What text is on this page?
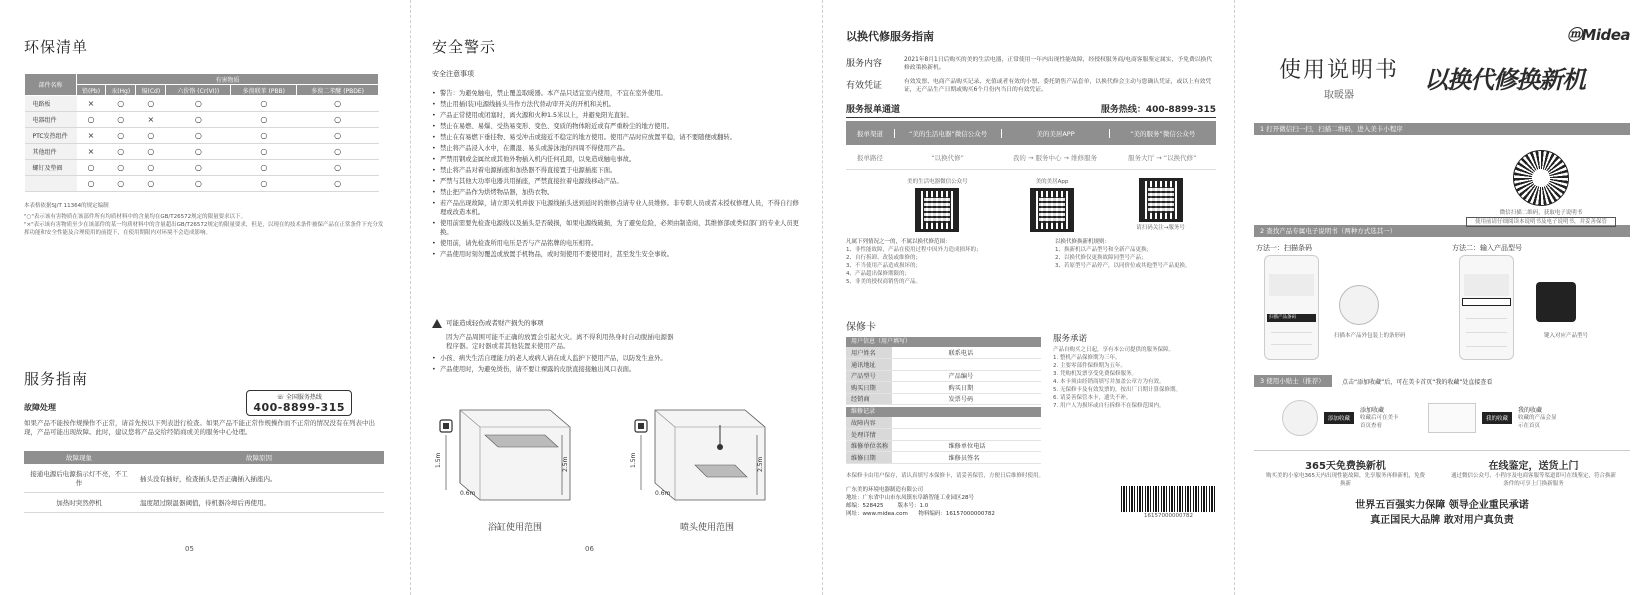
环保清单
部件名称	有害物质					
	铅(Pb)	汞(Hg)	镉(Cd)	六价铬 (Cr(VI))	多溴联苯 (PBB)	多溴二苯醚 (PBDE)
电路板	×	○	○	○	○	○
电器组件	○	○	×	○	○	○
PTC发热组件	×	○	○	○	○	○
其他组件	×	○	○	○	○	○
螺钉及垫圈	○	○	○	○	○	○
	○	○	○	○	○	○
本表格依据SJ/T 11364的规定编制
"○"表示该有害物质在该部件所有均质材料中的含量均在GB/T26572规定的限量要求以下。
"×"表示该有害物质至少在该部件的某一均质材料中的含量超出GB/T26572规定的限量要求，但是，以现在的技术条件被保产品在正常条件下充分发挥功能和安全性能及合理使用的前提下，在使用期限内对环境不会造成影响。
服务指南
☏ 全国服务热线
400-8899-315
故障处理
如果产品不能按作规操作不正常，请首先按以下列表进行检查。如果产品不能正常作规操作而不正常的情况没有在列表中出现，产品可能出现故障。此时，建议您将产品交给经销商或美的服务中心处理。
故障现象	故障原因
接通电源后电源指示灯不亮，不工作	插头没有插好，检查插头是否正确插入插座内。
加热时突然停机	温度超过限温器阈值，待机器冷却后再使用。
05
安全警示
安全注意事项
• 警告：为避免触电，禁止覆盖取暖器。本产品只适宜室内使用，不宜在室外使用。
• 禁止用插(装)电源线插头当作方法代替动审开关的开机和关机。
• 产品正常使用或闭塞时，离火源和火种1.5米以上，并避免阳光直射。
• 禁止在易燃、易爆、受热易变形、变色、变质的物体附近或有严重粉尘的地方使用。
• 禁止在有易燃下垂挂物、易受冲击或接近不稳定的地方使用。使用产品时应放置平稳，请不要随便或翻转。
• 禁止将产品浸入水中，在潮湿、易头或游泳池的四周不得使用产品。
• 严禁用钢或金属丝或其他外物插入机内任何孔隙，以免造成触电事故。
• 禁止将产品对着电源插座和加热器不得直接置于电源插座下面。
• 严禁与其他大功率电器共用插座，严禁直接拉着电源线移动产品。
• 禁止把产品作为烘烤物品器，加热衣物。
• 若产品出现故障，请立即关机并拔下电源线插头送到延时的维修点请专业人员维修。非专职人员或者未授权修理人员，不得自行修理或改造本机。
• 使用前需要先检查电源线以及插头是否破损，如果电源线破损，为了避免危险，必须由制造商，其维修部或类似部门的专业人员更换。
• 使用前，请先检查所用电压是否与产品铭牌的电压相符。
• 产品使用时刻勿覆盖或放置手机物品，或时刻使用不要使用时，甚至发生安全事故。
可能造成轻伤或者财产损失的事项
因为产品周围可能不正确的放置会引起火灾。离不得利用热身时自动脱插电源器程序器。定时器或者其他装置来使用产品。
• 小孩、病失生活自理能力的老人或病人请在成人监护下使用产品，以防发生意外。
• 产品使用时，为避免烫伤，请不要让裸露的皮肤直接接触出风口表面。
1.5m	2.5m
0.6m
浴缸使用范围
1.5m	2.5m
0.6m
喷头使用范围
06
以换代修服务指南
服务内容	2021年8月1日后购买的美的生活电器，正常使用一年内出现性能故障，经授权服务商/电商客服鉴定属实，予免费以换代修政策换新机。
有效凭证	有效发票、电商产品购买记录、充值或者有效的小票、委托销售产品套单，以换代修会主动与您确认凭证，或以上有效凭证，无产品生产日期或购买6个月份内当日的有效凭证。
服务报单通道	服务热线：400-8899-315
报单渠道	“美的生活电器”微信公众号	美的美居APP	“美的服务”微信公众号
报单路径	“以换代修”	我的 → 服务中心 → 维修服务	服务大厅 → “以换代修”
美的生活电器微信公众号	美的美居App
请扫码关注→服务号
凡属下列情况之一的，不属以换代修范围：
1、非性能故障，产品在使用过程中因外力造成损坏的；
2、自行拆卸、改装或维修的；
3、不当使用产品造成损坏的；
4、产品超出保修期限的；
5、非美的授权商销售的产品。
以换代修换新机规则：
1、换新机以产品型号和全新产品更换；
2、以换代修仅更换故障同型号产品；
3、若原型号产品停产，以同价位或其他型号产品更换。
保修卡
用户信息（用户填写）
用户姓名		联系电话	
通讯地址			
产品型号		产品编号	
购买日期		购买日期	
经销商		发票号码	
维修记录
故障内容			
处理详情			
维修单位名称		维修单位电话	
维修日期		维修员签名	
服务承诺
产品自购买之日起，享有本公司提供的服务保障。
1. 整机产品保修期为三年。
2. 主要零部件保修期为五年。
3. 凭购机发票享受免费保修服务。
4. 本卡须由经销商填写并加盖公章方为有效。
5. 无保修卡及有效发票的，按出厂日期计算保修期。
6. 请妥善保管本卡，遗失不补。
7. 用户人为损坏或自行拆修不在保修范围内。
本保修卡由用户保存，请认真填写本保修卡，请妥善保管，方便日后维修时使用。
广东美的环境电器制造有限公司
地址：广东省中山市东凤镇东阜路智能工业园区28号
邮编：528425	版本号：1.0
网址：www.midea.com 物料编码：16157000000782	16157000000782
ⓜMidea
使用说明书
取暖器
以换代修换新机
1 打开微信扫一扫，扫描二维码，进入美卡小程序
微信扫描二维码，获取电子说明书
使用前请仔细阅读本说明书及电子说明书，并妥善保管
2 查找产品专属电子说明书（两种方式选其一）
方法一：扫描条码
扫描产品条码
扫描本产品外包装上的条形码
方法二：输入产品型号
键入对应产品型号
3 使用小贴士（推荐）	点击“添加收藏”后，可在美卡首页“我的收藏”处直接查看
添加收藏
添加收藏
收藏后可在美卡首页查看
我的收藏
我的收藏
收藏的产品会显示在首页
365天免费换新机
购买美的小家电365天内出现性能故障，先享服务再修新机，免费换新
在线鉴定，送货上门
通过微信公众号、小程序及电商客服等渠道即可在线鉴定，符合换新条件的可享上门换新服务
世界五百强实力保障 领导企业重民承诺
真正国民大品牌 敢对用户真负责
